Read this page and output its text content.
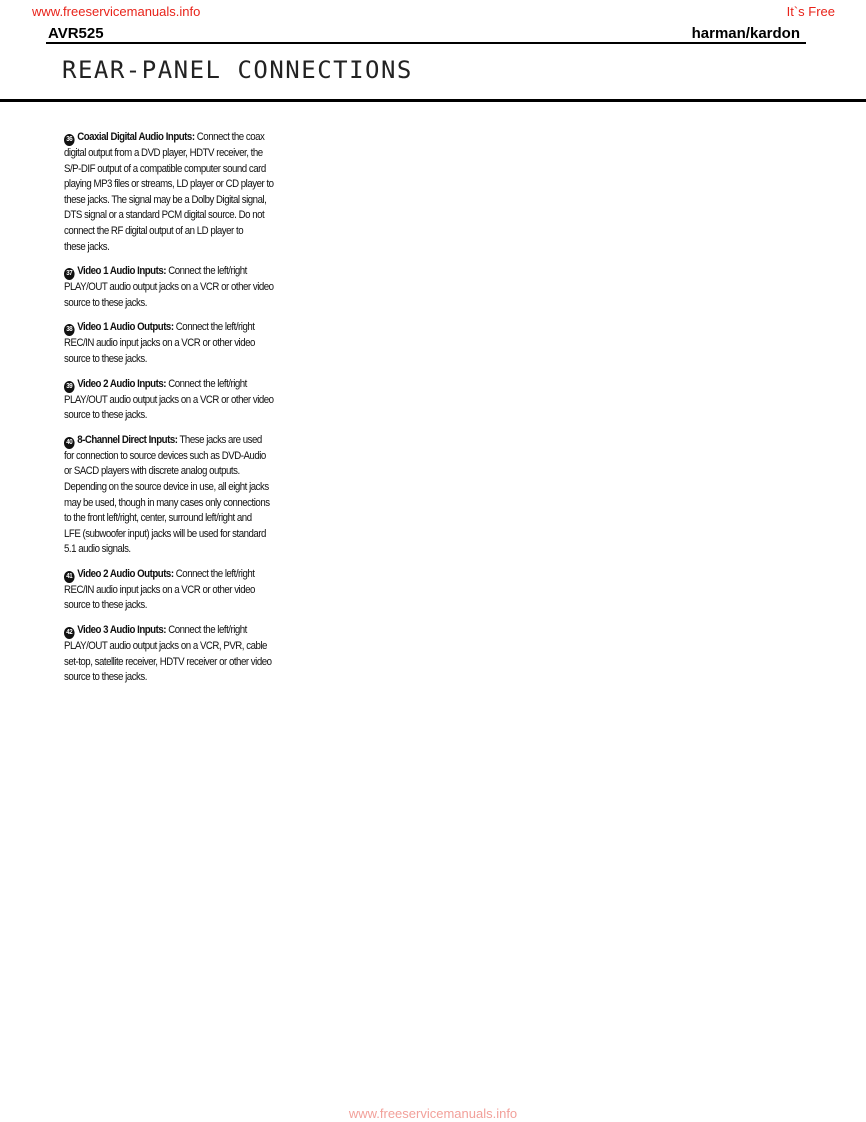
www.freeservicemanuals.info	It`s Free
AVR525	harman/kardon
REAR-PANEL CONNECTIONS
36 Coaxial Digital Audio Inputs: Connect the coax
digital output from a DVD player, HDTV receiver, the
S/P-DIF output of a compatible computer sound card
playing MP3 files or streams, LD player or CD player to
these jacks. The signal may be a Dolby Digital signal,
DTS signal or a standard PCM digital source. Do not
connect the RF digital output of an LD player to
these jacks.
37 Video 1 Audio Inputs: Connect the left/right
PLAY/OUT audio output jacks on a VCR or other video
source to these jacks.
38 Video 1 Audio Outputs: Connect the left/right
REC/IN audio input jacks on a VCR or other video
source to these jacks.
39 Video 2 Audio Inputs: Connect the left/right
PLAY/OUT audio output jacks on a VCR or other video
source to these jacks.
40 8-Channel Direct Inputs: These jacks are used
for connection to source devices such as DVD-Audio
or SACD players with discrete analog outputs.
Depending on the source device in use, all eight jacks
may be used, though in many cases only connections
to the front left/right, center, surround left/right and
LFE (subwoofer input) jacks will be used for standard
5.1 audio signals.
41 Video 2 Audio Outputs: Connect the left/right
REC/IN audio input jacks on a VCR or other video
source to these jacks.
42 Video 3 Audio Inputs: Connect the left/right
PLAY/OUT audio output jacks on a VCR, PVR, cable
set-top, satellite receiver, HDTV receiver or other video
source to these jacks.
www.freeservicemanuals.info
